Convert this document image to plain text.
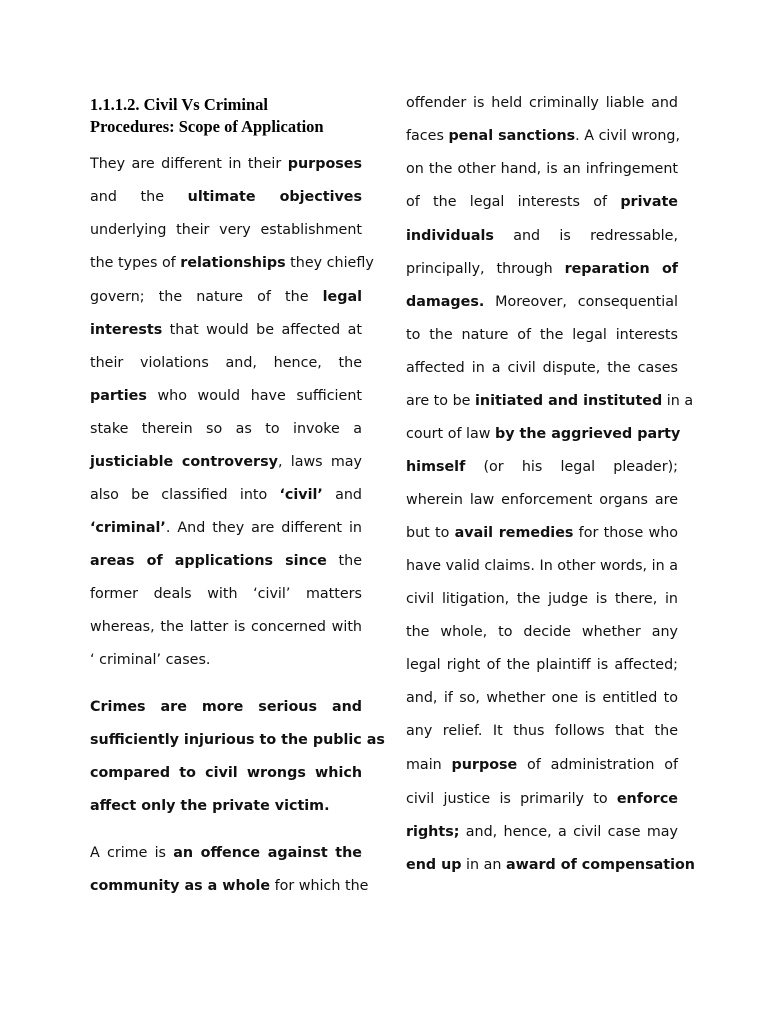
1.1.1.2. Civil Vs Criminal
Procedures: Scope of Application
They are different in their purposes
and the ultimate objectives
underlying their very establishment
the types of relationships they chiefly
govern; the nature of the legal
interests that would be affected at
their violations and, hence, the
parties who would have sufficient
stake therein so as to invoke a
justiciable controversy, laws may
also be classified into ‘civil’ and
‘criminal’. And they are different in
areas of applications since the
former deals with ‘civil’ matters
whereas, the latter is concerned with
‘ criminal’ cases.
Crimes are more serious and
sufficiently injurious to the public as
compared to civil wrongs which
affect only the private victim.
A crime is an offence against the
community as a whole for which the
offender is held criminally liable and
faces penal sanctions. A civil wrong,
on the other hand, is an infringement
of the legal interests of private
individuals and is redressable,
principally, through reparation of
damages. Moreover, consequential
to the nature of the legal interests
affected in a civil dispute, the cases
are to be initiated and instituted in a
court of law by the aggrieved party
himself (or his legal pleader);
wherein law enforcement organs are
but to avail remedies for those who
have valid claims. In other words, in a
civil litigation, the judge is there, in
the whole, to decide whether any
legal right of the plaintiff is affected;
and, if so, whether one is entitled to
any relief. It thus follows that the
main purpose of administration of
civil justice is primarily to enforce
rights; and, hence, a civil case may
end up in an award of compensation
